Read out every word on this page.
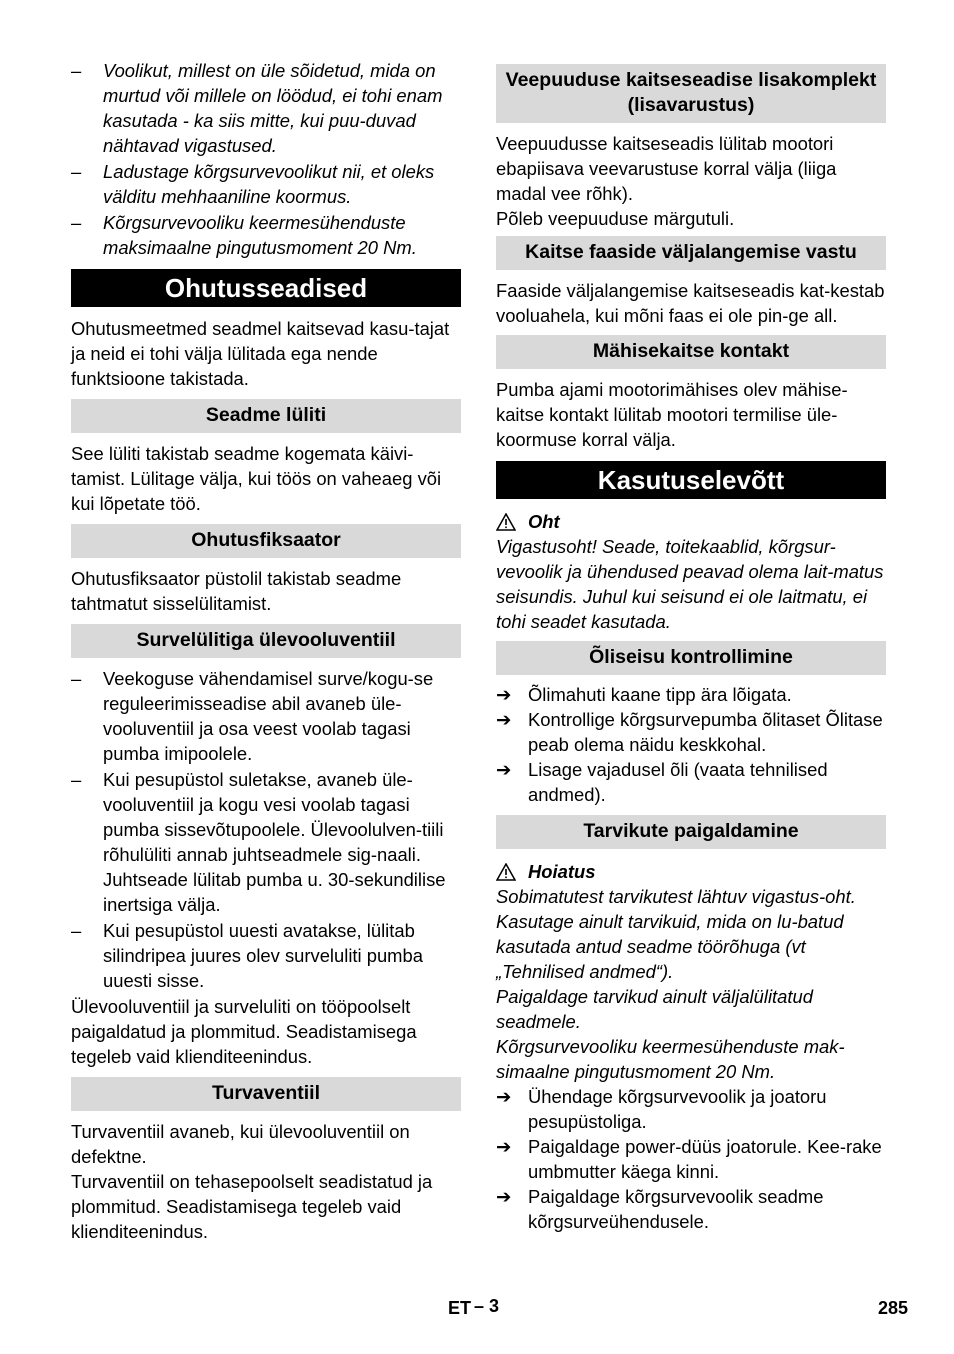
–	Voolikut, millest on üle sõidetud, mida on murtud või millele on löödud, ei tohi enam kasutada - ka siis mitte, kui puu-duvad nähtavad vigastused.

–	Ladustage kõrgsurvevoolikut nii, et oleks välditu mehhaaniline koormus.

–	Kõrgsurvevooliku keermesühenduste maksimaalne pingutusmoment 20 Nm.

Ohutusseadised

Ohutusmeetmed seadmel kaitsevad kasu-tajat ja neid ei tohi välja lülitada ega nende funktsioone takistada.

Seadme lüliti

See lüliti takistab seadme kogemata käivi-tamist. Lülitage välja, kui töös on vaheaeg või kui lõpetate töö.

Ohutusfiksaator

Ohutusfiksaator püstolil takistab seadme tahtmatut sisselülitamist.

Survelülitiga ülevooluventiil

–	Veekoguse vähendamisel surve/kogu-se reguleerimisseadise abil avaneb üle-vooluventiil ja osa veest voolab tagasi pumba imipoolele.

–	Kui pesupüstol suletakse, avaneb üle-vooluventiil ja kogu vesi voolab tagasi pumba sissevõtupoolele. Ülevoolulven-tiili rõhulüliti annab juhtseadmele sig-naali. Juhtseade lülitab pumba u. 30-sekundilise inertsiga välja.

–	Kui pesupüstol uuesti avatakse, lülitab silindripea juures olev surveluliti pumba uuesti sisse.

Ülevooluventiil ja surveluliti on tööpoolselt paigaldatud ja plommitud. Seadistamisega tegeleb vaid klienditeenindus.

Turvaventiil

Turvaventiil avaneb, kui ülevooluventiil on defektne.

Turvaventiil on tehasepoolselt seadistatud ja plommitud. Seadistamisega tegeleb vaid klienditeenindus.

Veepuuduse kaitseseadise lisakomplekt (lisavarustus)

Veepuudusse kaitseseadis lülitab mootori ebapiisava veevarustuse korral välja (liiga madal vee rõhk).

Põleb veepuuduse märgutuli.

Kaitse faaside väljalangemise vastu

Faaside väljalangemise kaitseseadis kat-kestab vooluahela, kui mõni faas ei ole pin-ge all.

Mähisekaitse kontakt

Pumba ajami mootorimähises olev mähise-kaitse kontakt lülitab mootori termilise üle-koormuse korral välja.

Kasutuselevõtt

Oht

Vigastusoht! Seade, toitekaablid, kõrgsur-vevoolik ja ühendused peavad olema lait-matus seisundis. Juhul kui seisund ei ole laitmatu, ei tohi seadet kasutada.

Õliseisu kontrollimine

➔ Õlimahuti kaane tipp ära lõigata.

➔ Kontrollige kõrgsurvepumba õlitaset Õlitase peab olema näidu keskkohal.

➔ Lisage vajadusel õli (vaata tehnilised andmed).

Tarvikute paigaldamine

Hoiatus

Sobimatutest tarvikutest lähtuv vigastus-oht. Kasutage ainult tarvikuid, mida on lu-batud kasutada antud seadme töörõhuga (vt „Tehnilised andmed“).

Paigaldage tarvikud ainult väljalülitatud seadmele.

Kõrgsurvevooliku keermesühenduste mak-simaalne pingutusmoment 20 Nm.

➔ Ühendage kõrgsurvevoolik ja joatoru pesupüstoliga.

➔ Paigaldage power-düüs joatorule. Kee-rake umbmutter käega kinni.

➔ Paigaldage kõrgsurvevoolik seadme kõrgsurveühendusele.

ET – 3	285
